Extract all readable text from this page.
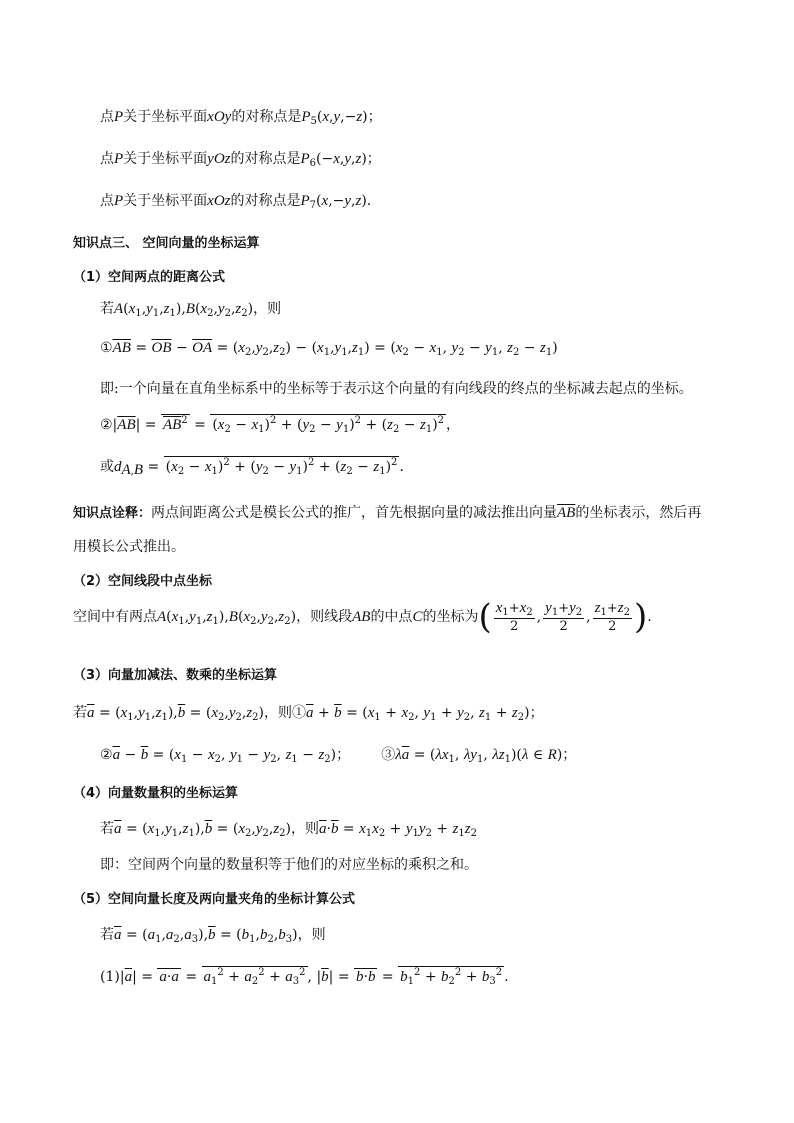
点P关于坐标平面xOy的对称点是$P_5(x,y,-z)$；
点P关于坐标平面yOz的对称点是$P_6(-x,y,z)$；
点P关于坐标平面xOz的对称点是$P_7(x,-y,z)$.
知识点三、 空间向量的坐标运算
（1）空间两点的距离公式
若$A(x_1,y_1,z_1),B(x_2,y_2,z_2)$，则
$①\overline{AB} = \overline{OB} - \overline{OA} = (x_2,y_2,z_2) - (x_1,y_1,z_1) = (x_2 - x_1$, $y_2 - y_1$, $z_2 - z_1$)
即:一个向量在直角坐标系中的坐标等于表示这个向量的有向线段的终点的坐标减去起点的坐标。
$②|\overline{AB}| = \overline{AB}^2 = (x_2 - x_1)^2 + (y_2 - y_1)^2 + (z_2 - z_1)^2$ ，
或$d_{A,B} = (x_2 - x_1)^2 + (y_2 - y_1)^2 + (z_2 - z_1)^2$ .
知识点诠释：两点间距离公式是模长公式的推广，首先根据向量的减法推出向量$\overline{AB}$的坐标表示，然后再
用模长公式推出。
（2）空间线段中点坐标
空间中有两点$A(x_1,y_1,z_1),B(x_2,y_2,z_2)$，则线段AB的中点C的坐标为( $\frac{x_1+x_2}{2}$ , $\frac{y_1+y_2}{2}$ , $\frac{z_1+z_2}{2}$ ).
（3）向量加减法、数乘的坐标运算
若$\overline{a} = (x_1,y_1,z_1),\overline{b} = (x_2,y_2,z_2)$，则$①\overline{a} + \overline{b} = (x_1 + x_2$, $y_1 + y_2$, $z_1 + z_2$)；
$②\overline{a} - \overline{b} = (x_1 - x_2$, $y_1 - y_2$, $z_1 - z_2$)；       $③\lambda\overline{a} = (\lambda x_1$, $\lambda y_1$, $\lambda z_1)(\lambda$ ∈ R)；
（4）向量数量积的坐标运算
若$\overline{a} = (x_1,y_1,z_1),\overline{b} = (x_2,y_2,z_2)$，则$\overline{a}\cdot\overline{b} = x_1x_2 + y_1y_2 + z_1z_2$
即：空间两个向量的数量积等于他们的对应坐标的乘积之和。
（5）空间向量长度及两向量夹角的坐标计算公式
若$\overline{a} = (a_1,a_2,a_3),\overline{b} = (b_1,b_2,b_3)$，则
$(1)|\overline{a}| = a\cdot a = a_1^2 + a_2^2 + a_3^2$ , $|\overline{b}| = b\cdot b = b_1^2 + b_2^2 + b_3^2$ .
